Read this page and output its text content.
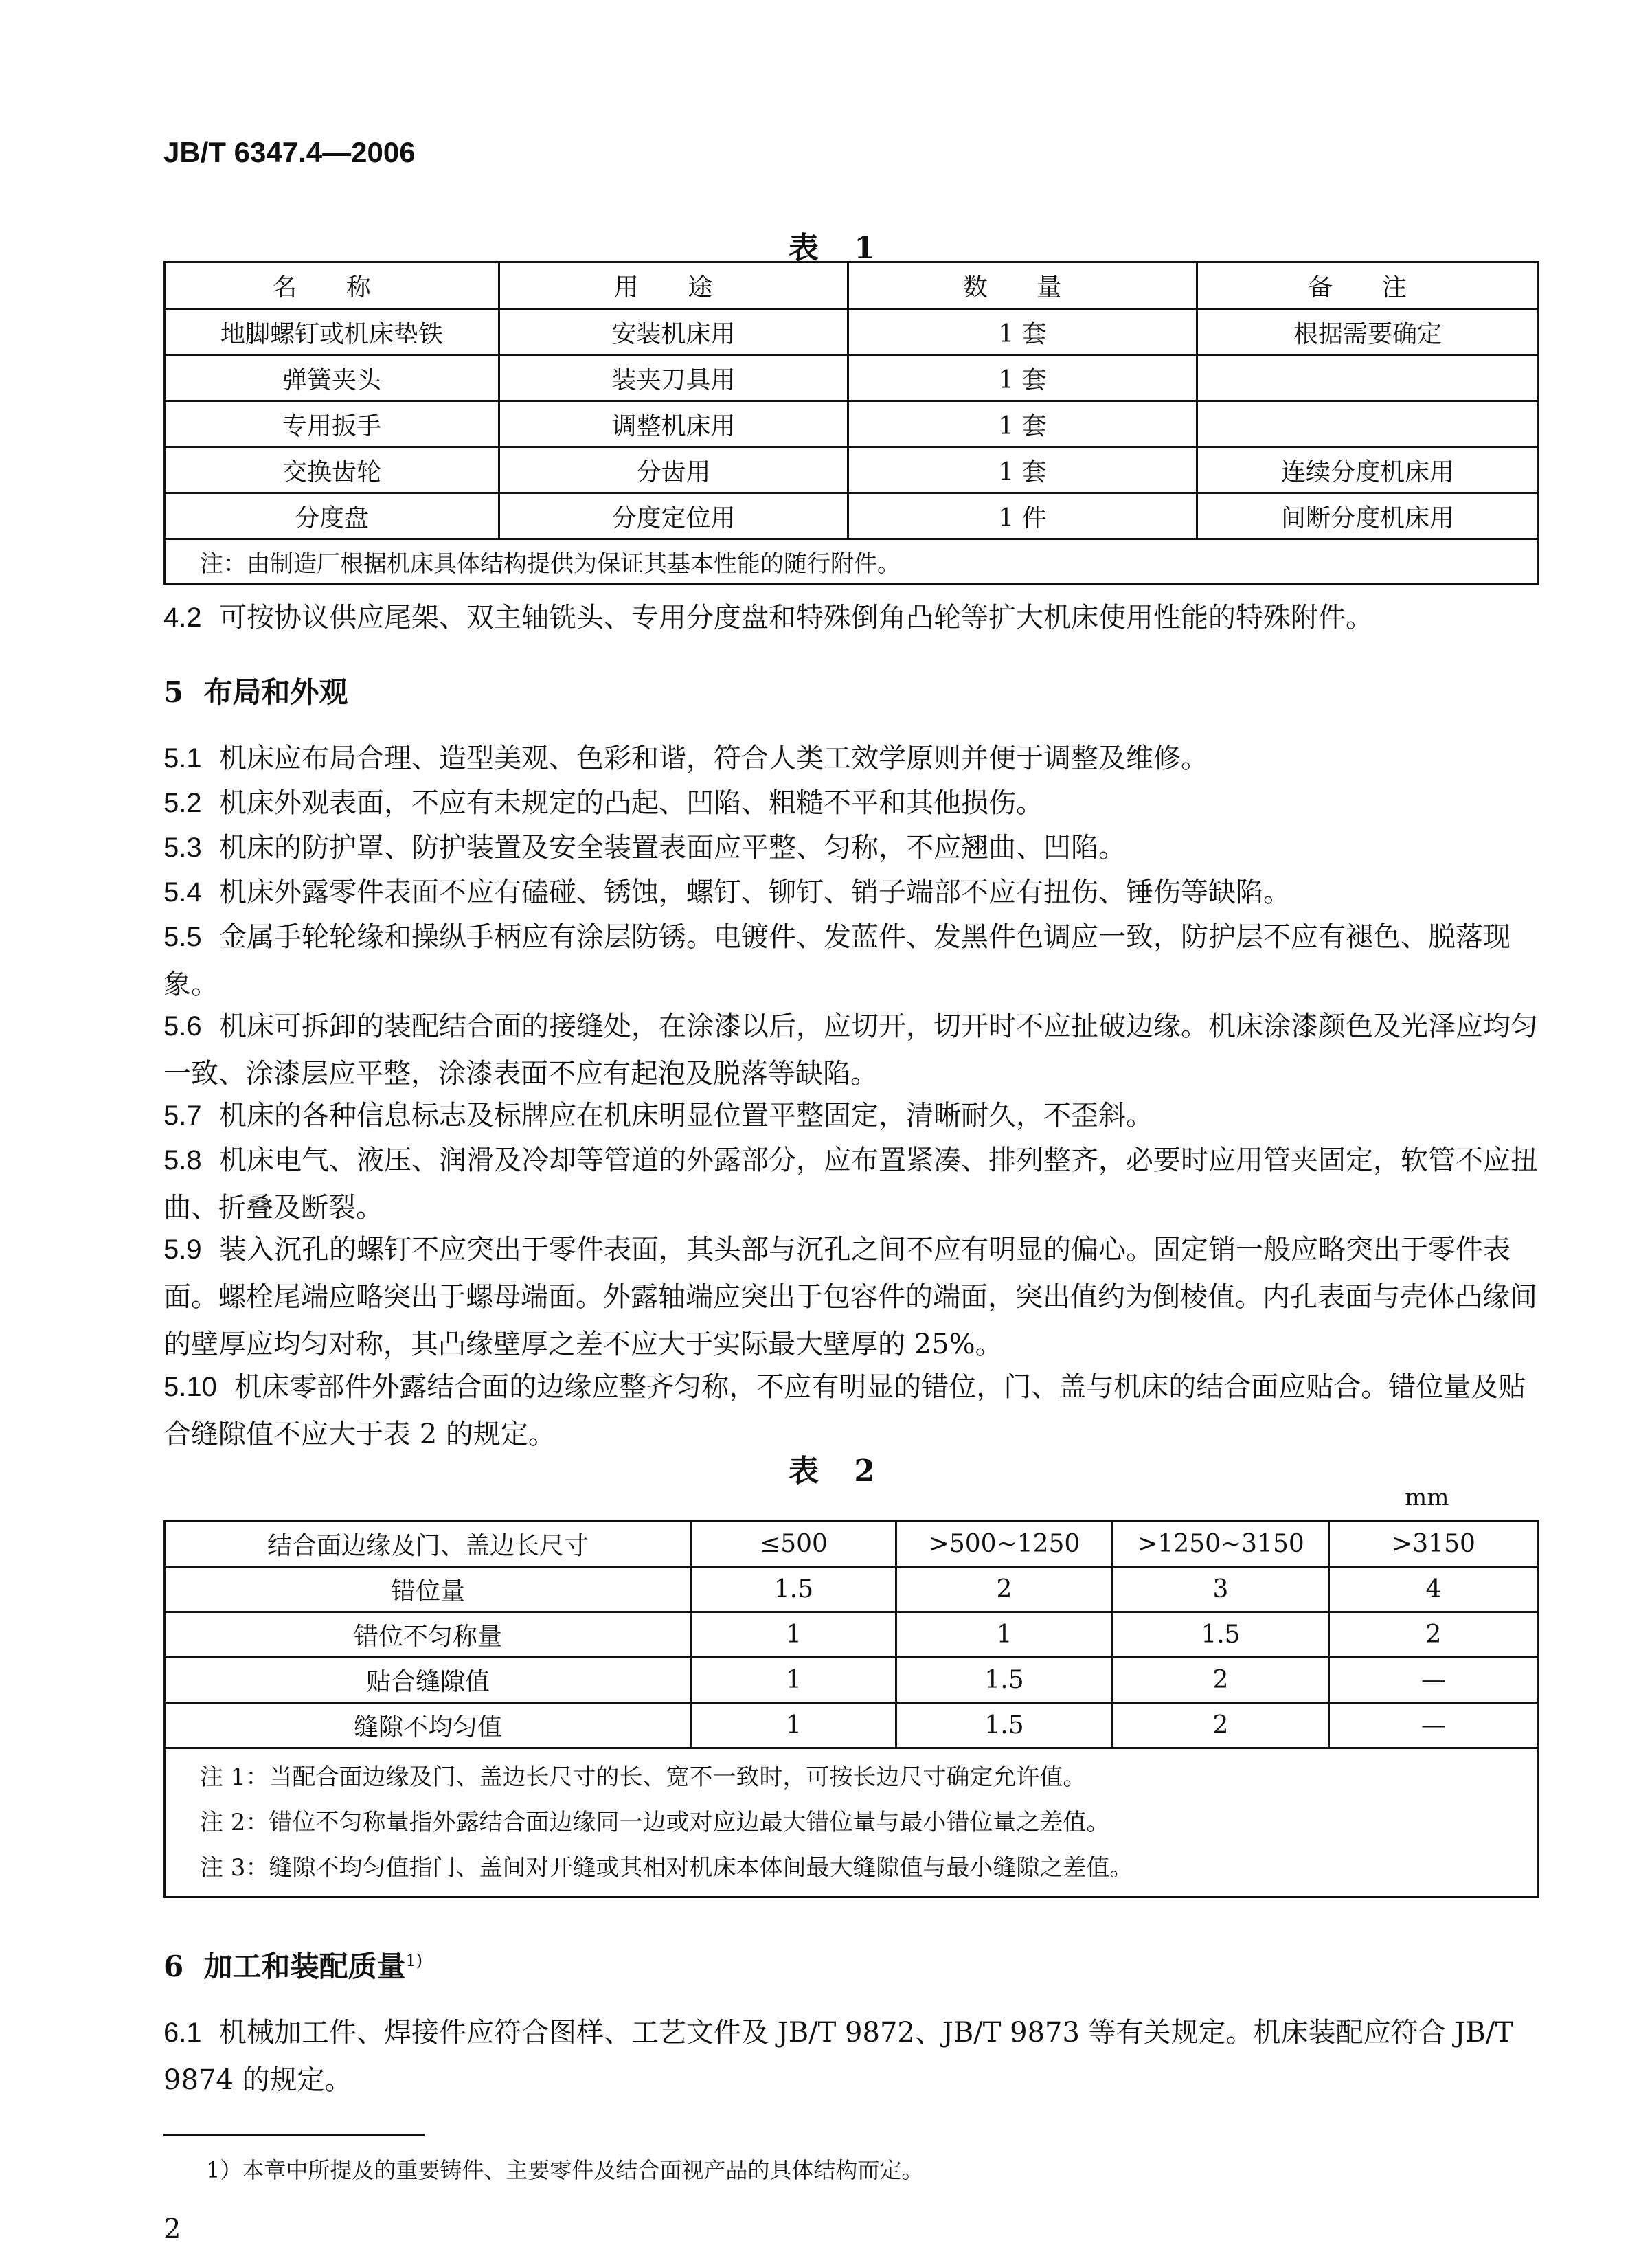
JB/T 6347.4—2006
表 1
名 称	用 途	数 量	备 注
地脚螺钉或机床垫铁	安装机床用	1 套	根据需要确定
弹簧夹头	装夹刀具用	1 套	
专用扳手	调整机床用	1 套	
交换齿轮	分齿用	1 套	连续分度机床用
分度盘	分度定位用	1 件	间断分度机床用
注：由制造厂根据机床具体结构提供为保证其基本性能的随行附件。			
4.2 可按协议供应尾架、双主轴铣头、专用分度盘和特殊倒角凸轮等扩大机床使用性能的特殊附件。
5 布局和外观
5.1 机床应布局合理、造型美观、色彩和谐，符合人类工效学原则并便于调整及维修。
5.2 机床外观表面，不应有未规定的凸起、凹陷、粗糙不平和其他损伤。
5.3 机床的防护罩、防护装置及安全装置表面应平整、匀称，不应翘曲、凹陷。
5.4 机床外露零件表面不应有磕碰、锈蚀，螺钉、铆钉、销子端部不应有扭伤、锤伤等缺陷。
5.5 金属手轮轮缘和操纵手柄应有涂层防锈。电镀件、发蓝件、发黑件色调应一致，防护层不应有褪色、脱落现象。
5.6 机床可拆卸的装配结合面的接缝处，在涂漆以后，应切开，切开时不应扯破边缘。机床涂漆颜色及光泽应均匀一致、涂漆层应平整，涂漆表面不应有起泡及脱落等缺陷。
5.7 机床的各种信息标志及标牌应在机床明显位置平整固定，清晰耐久，不歪斜。
5.8 机床电气、液压、润滑及冷却等管道的外露部分，应布置紧凑、排列整齐，必要时应用管夹固定，软管不应扭曲、折叠及断裂。
5.9 装入沉孔的螺钉不应突出于零件表面，其头部与沉孔之间不应有明显的偏心。固定销一般应略突出于零件表面。螺栓尾端应略突出于螺母端面。外露轴端应突出于包容件的端面，突出值约为倒棱值。内孔表面与壳体凸缘间的壁厚应均匀对称，其凸缘壁厚之差不应大于实际最大壁厚的 25%。
5.10 机床零部件外露结合面的边缘应整齐匀称，不应有明显的错位，门、盖与机床的结合面应贴合。错位量及贴合缝隙值不应大于表 2 的规定。
表 2
mm
结合面边缘及门、盖边长尺寸	≤500	>500~1250	>1250~3150	>3150
错位量	1.5	2	3	4
错位不匀称量	1	1	1.5	2
贴合缝隙值	1	1.5	2	—
缝隙不均匀值	1	1.5	2	—

注 1：当配合面边缘及门、盖边长尺寸的长、宽不一致时，可按长边尺寸确定允许值。
注 2：错位不匀称量指外露结合面边缘同一边或对应边最大错位量与最小错位量之差值。
注 3：缝隙不均匀值指门、盖间对开缝或其相对机床本体间最大缝隙值与最小缝隙之差值。				
6 加工和装配质量$^{1)}$
6.1 机械加工件、焊接件应符合图样、工艺文件及 JB/T 9872、JB/T 9873 等有关规定。机床装配应符合 JB/T 9874 的规定。
1）本章中所提及的重要铸件、主要零件及结合面视产品的具体结构而定。
2
